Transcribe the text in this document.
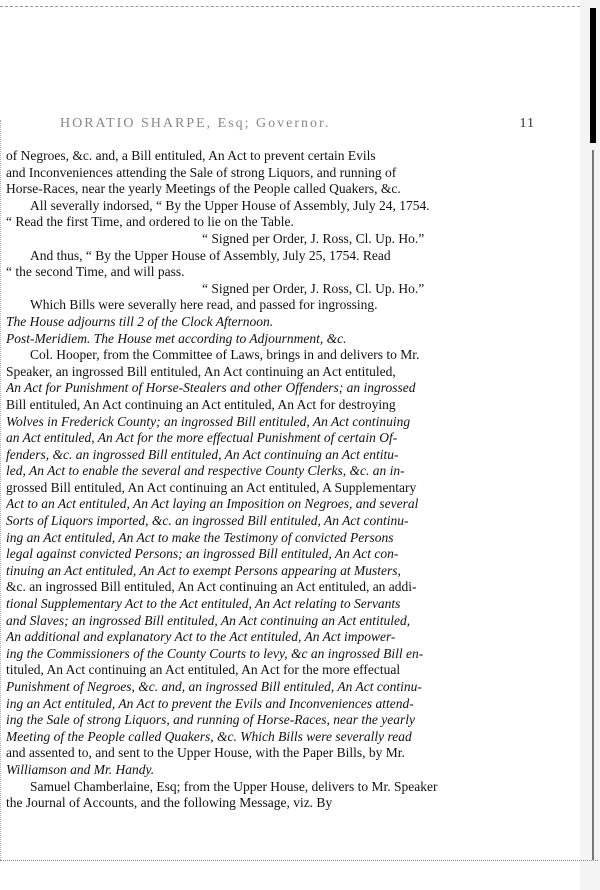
HORATIO SHARPE, Esq; Governor.	11
of Negroes, &c. and, a Bill entituled, An Act to prevent certain Evils
and Inconveniences attending the Sale of strong Liquors, and running of
Horse-Races, near the yearly Meetings of the People called Quakers, &c.
All severally indorsed, “ By the Upper House of Assembly, July 24, 1754.
“ Read the first Time, and ordered to lie on the Table.
“ Signed per Order, J. Ross, Cl. Up. Ho.”
And thus, “ By the Upper House of Assembly, July 25, 1754. Read
“ the second Time, and will pass.
“ Signed per Order, J. Ross, Cl. Up. Ho.”
Which Bills were severally here read, and passed for ingrossing.
The House adjourns till 2 of the Clock Afternoon.
Post-Meridiem. The House met according to Adjournment, &c.
Col. Hooper, from the Committee of Laws, brings in and delivers to Mr.
Speaker, an ingrossed Bill entituled, An Act continuing an Act entituled,
An Act for Punishment of Horse-Stealers and other Offenders; an ingrossed
Bill entituled, An Act continuing an Act entituled, An Act for destroying
Wolves in Frederick County; an ingrossed Bill entituled, An Act continuing
an Act entituled, An Act for the more effectual Punishment of certain Of-
fenders, &c. an ingrossed Bill entituled, An Act continuing an Act entitu-
led, An Act to enable the several and respective County Clerks, &c. an in-
grossed Bill entituled, An Act continuing an Act entituled, A Supplementary
Act to an Act entituled, An Act laying an Imposition on Negroes, and several
Sorts of Liquors imported, &c. an ingrossed Bill entituled, An Act continu-
ing an Act entituled, An Act to make the Testimony of convicted Persons
legal against convicted Persons; an ingrossed Bill entituled, An Act con-
tinuing an Act entituled, An Act to exempt Persons appearing at Musters,
&c. an ingrossed Bill entituled, An Act continuing an Act entituled, an addi-
tional Supplementary Act to the Act entituled, An Act relating to Servants
and Slaves; an ingrossed Bill entituled, An Act continuing an Act entituled,
An additional and explanatory Act to the Act entituled, An Act impower-
ing the Commissioners of the County Courts to levy, &c an ingrossed Bill en-
tituled, An Act continuing an Act entituled, An Act for the more effectual
Punishment of Negroes, &c. and, an ingrossed Bill entituled, An Act continu-
ing an Act entituled, An Act to prevent the Evils and Inconveniences attend-
ing the Sale of strong Liquors, and running of Horse-Races, near the yearly
Meeting of the People called Quakers, &c. Which Bills were severally read
and assented to, and sent to the Upper House, with the Paper Bills, by Mr.
Williamson and Mr. Handy.
Samuel Chamberlaine, Esq; from the Upper House, delivers to Mr. Speaker
the Journal of Accounts, and the following Message, viz. By
